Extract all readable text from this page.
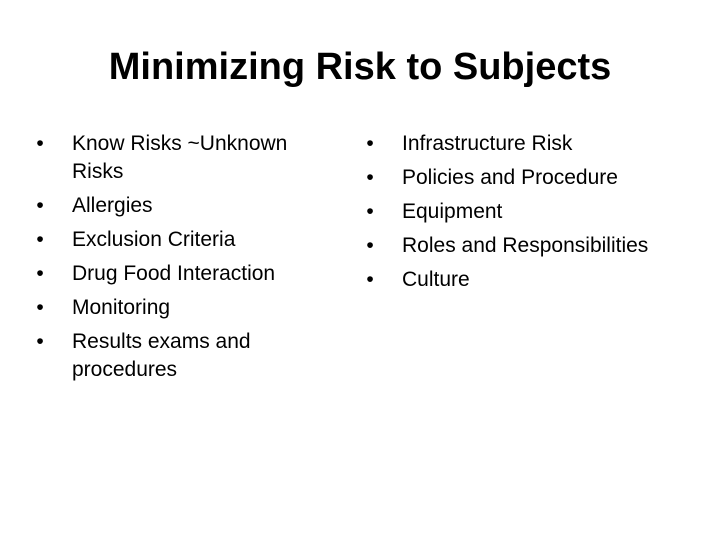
Minimizing Risk to Subjects
•	Know Risks ~Unknown Risks
•	Allergies
•	Exclusion Criteria
•	Drug Food Interaction
•	Monitoring
•	Results exams and procedures
•	Infrastructure Risk
•	Policies and Procedure
•	Equipment
•	Roles and Responsibilities
•	Culture
